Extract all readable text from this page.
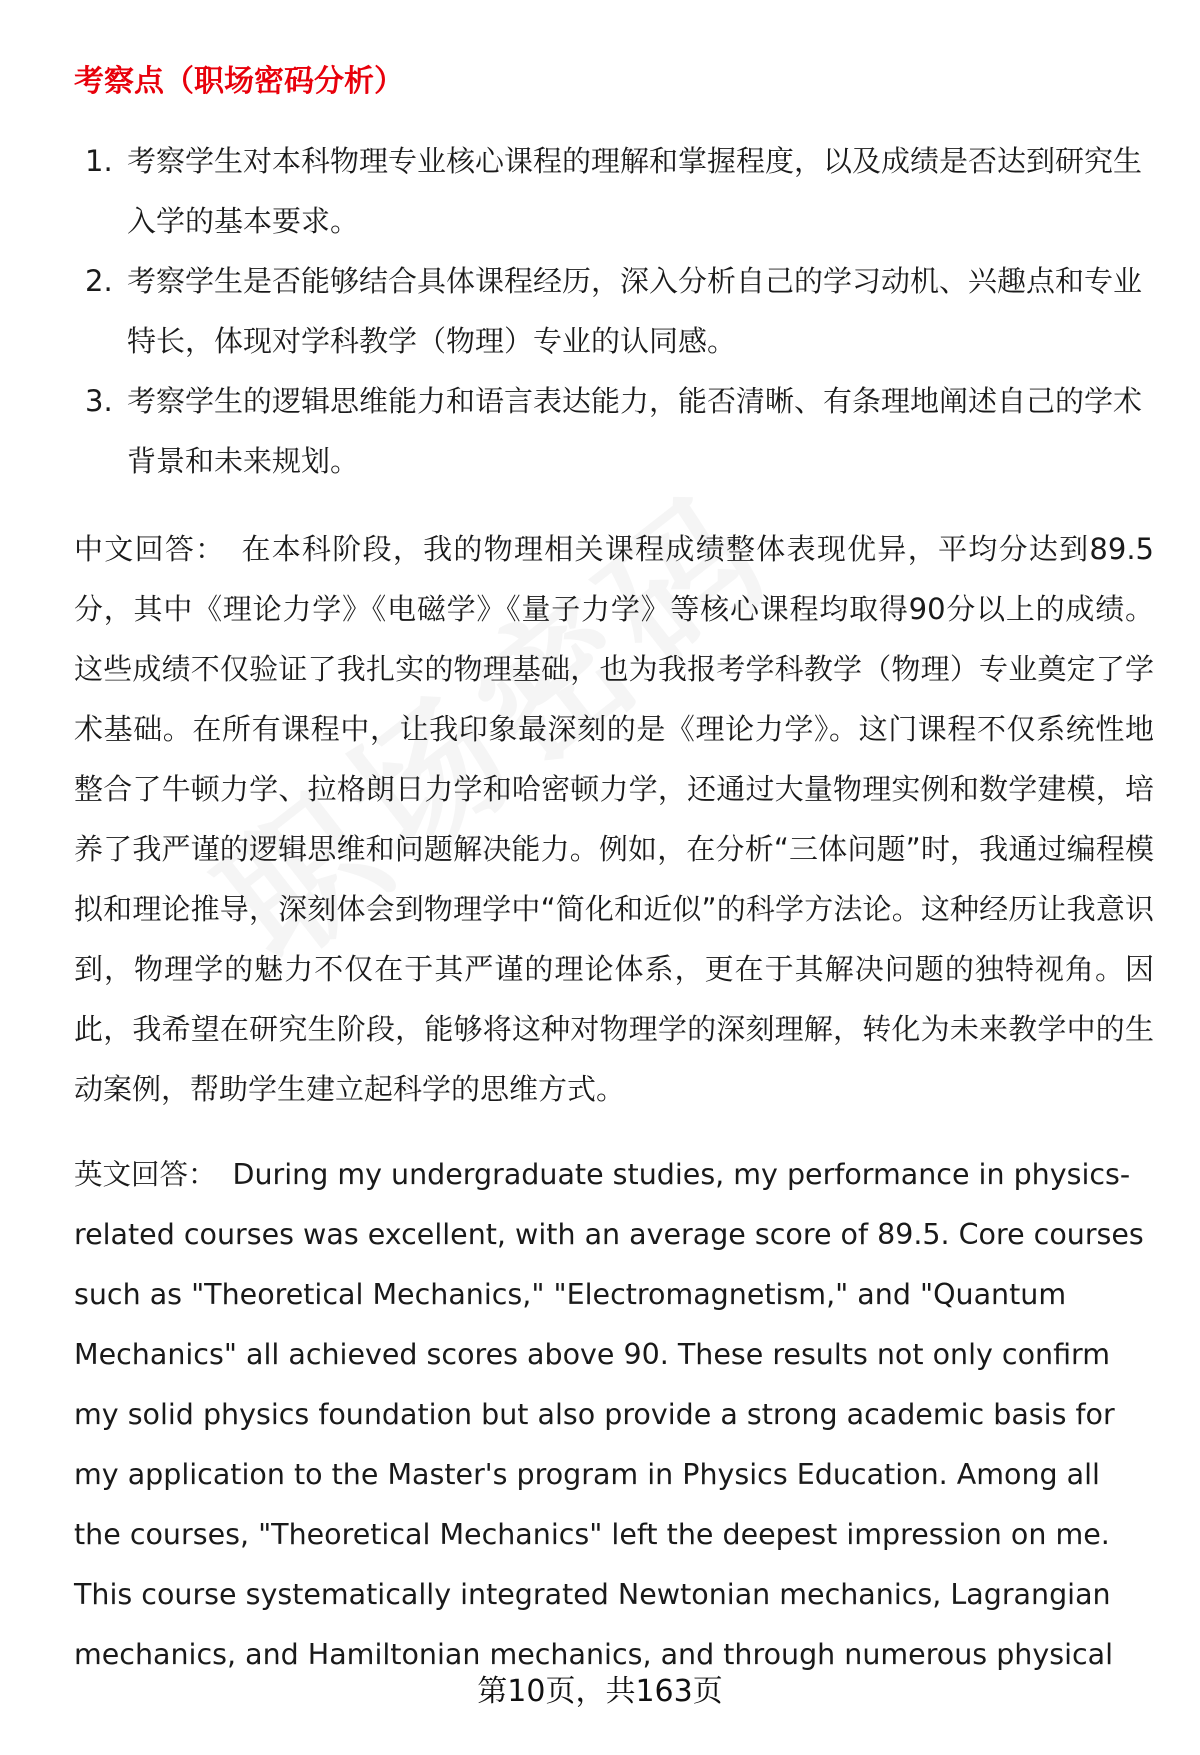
考察点（职场密码分析）
1. 考察学生对本科物理专业核心课程的理解和掌握程度，以及成绩是否达到研究生入学的基本要求。
2. 考察学生是否能够结合具体课程经历，深入分析自己的学习动机、兴趣点和专业特长，体现对学科教学（物理）专业的认同感。
3. 考察学生的逻辑思维能力和语言表达能力，能否清晰、有条理地阐述自己的学术背景和未来规划。

中文回答： 在本科阶段，我的物理相关课程成绩整体表现优异，平均分达到89.5分，其中《理论力学》《电磁学》《量子力学》等核心课程均取得90分以上的成绩。这些成绩不仅验证了我扎实的物理基础，也为我报考学科教学（物理）专业奠定了学术基础。在所有课程中，让我印象最深刻的是《理论力学》。这门课程不仅系统性地整合了牛顿力学、拉格朗日力学和哈密顿力学，还通过大量物理实例和数学建模，培养了我严谨的逻辑思维和问题解决能力。例如，在分析“三体问题”时，我通过编程模拟和理论推导，深刻体会到物理学中“简化和近似”的科学方法论。这种经历让我意识到，物理学的魅力不仅在于其严谨的理论体系，更在于其解决问题的独特视角。因此，我希望在研究生阶段，能够将这种对物理学的深刻理解，转化为未来教学中的生动案例，帮助学生建立起科学的思维方式。

英文回答： During my undergraduate studies, my performance in physics-related courses was excellent, with an average score of 89.5. Core courses such as "Theoretical Mechanics," "Electromagnetism," and "Quantum Mechanics" all achieved scores above 90. These results not only confirm my solid physics foundation but also provide a strong academic basis for my application to the Master's program in Physics Education. Among all the courses, "Theoretical Mechanics" left the deepest impression on me. This course systematically integrated Newtonian mechanics, Lagrangian mechanics, and Hamiltonian mechanics, and through numerous physical

第10页，共163页
